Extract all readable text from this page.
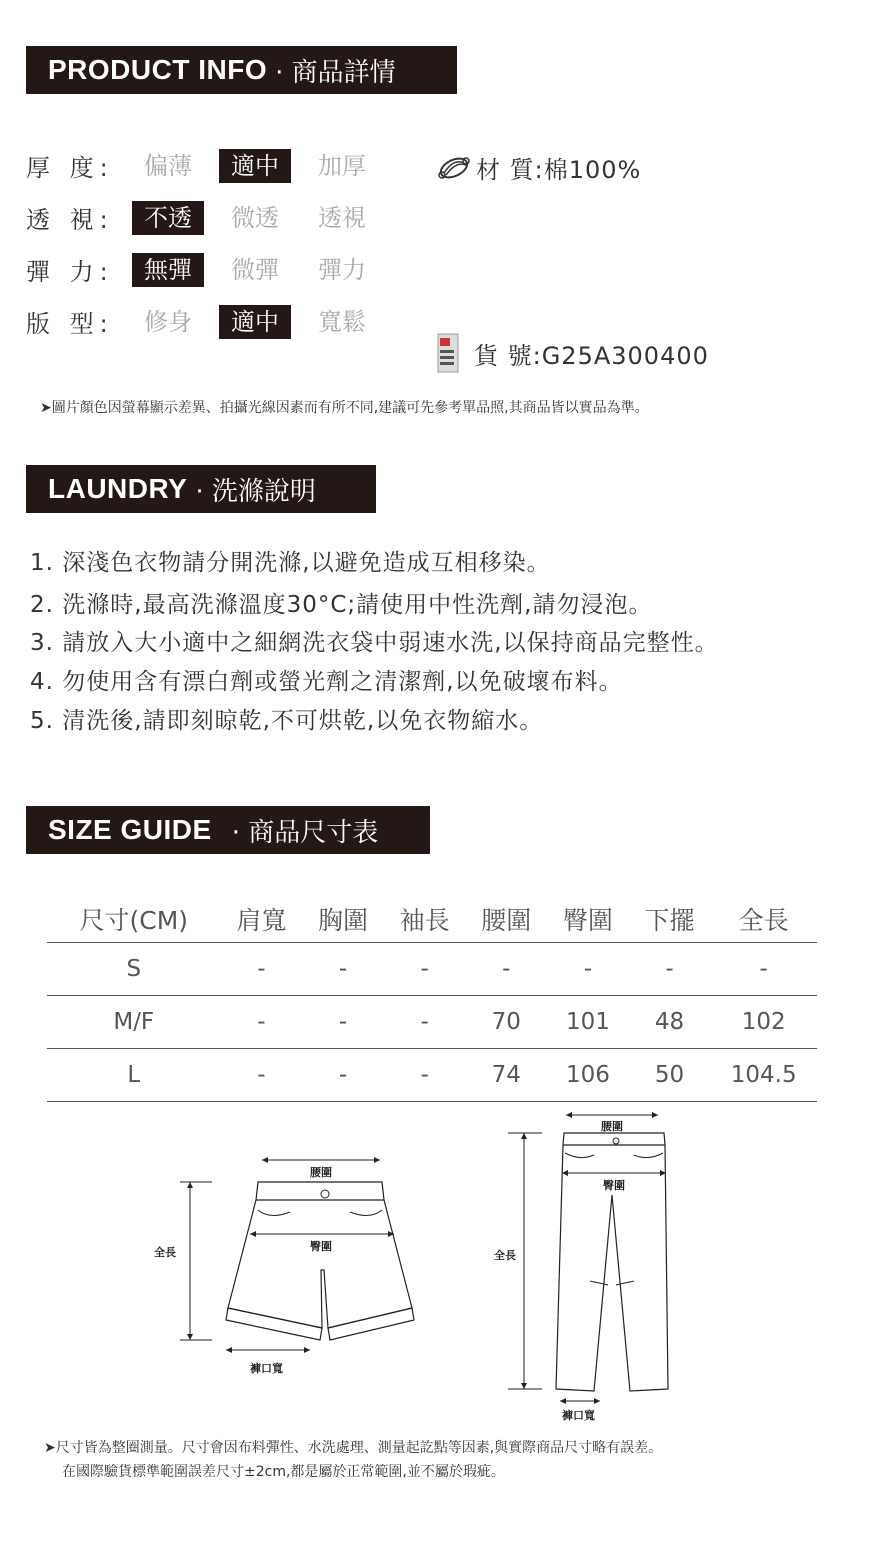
PRODUCT INFO · 商品詳情
厚 度:	偏薄	適中	加厚
透 視:	不透	微透	透視
彈 力:	無彈	微彈	彈力
版 型:	修身	適中	寬鬆
材 質:棉100%
貨 號:G25A300400
➤圖片顏色因螢幕顯示差異、拍攝光線因素而有所不同,建議可先參考單品照,其商品皆以實品為準。
LAUNDRY · 洗滌說明
1. 深淺色衣物請分開洗滌,以避免造成互相移染。
2. 洗滌時,最高洗滌溫度30°C;請使用中性洗劑,請勿浸泡。
3. 請放入大小適中之細網洗衣袋中弱速水洗,以保持商品完整性。
4. 勿使用含有漂白劑或螢光劑之清潔劑,以免破壞布料。
5. 清洗後,請即刻晾乾,不可烘乾,以免衣物縮水。
SIZE GUIDE · 商品尺寸表
尺寸(CM)	肩寬	胸圍	袖長	腰圍	臀圍	下擺	全長
S	-	-	-	-	-	-	-
M/F	-	-	-	70	101	48	102
L	-	-	-	74	106	50	104.5
腰圍
臀圍
全長
褲口寬
腰圍
臀圍
全長
褲口寬
➤尺寸皆為整圈測量。尺寸會因布料彈性、水洗處理、測量起訖點等因素,與實際商品尺寸略有誤差。
在國際驗貨標準範圍誤差尺寸±2cm,都是屬於正常範圍,並不屬於瑕疵。
